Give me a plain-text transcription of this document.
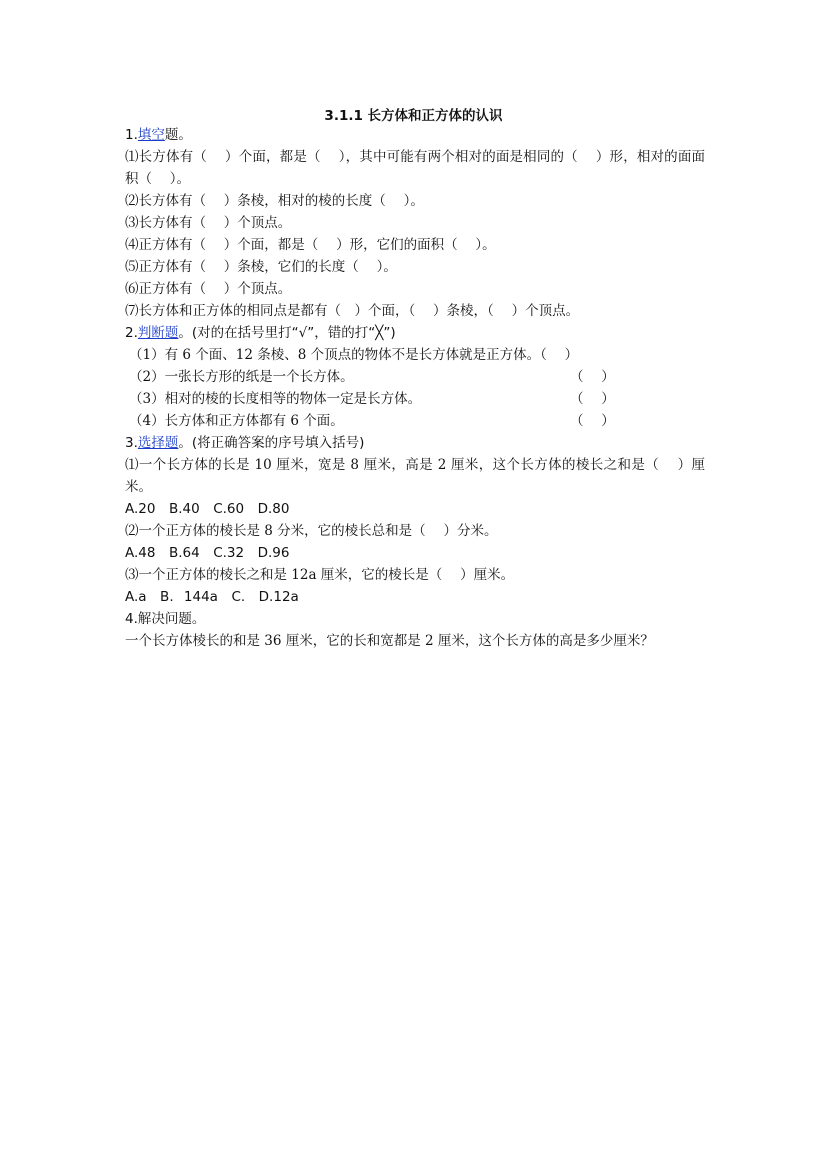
3.1.1 长方体和正方体的认识
1.填空题。
⑴长方体有（　 ）个面，都是（　 ），其中可能有两个相对的面是相同的（　 ）形，相对的面面积（　 ）。
⑵长方体有（　 ）条棱，相对的棱的长度（　 ）。
⑶长方体有（　 ）个顶点。
⑷正方体有（　 ）个面，都是（　 ）形，它们的面积（　 ）。
⑸正方体有（　 ）条棱，它们的长度（　 ）。
⑹正方体有（　 ）个顶点。
⑺长方体和正方体的相同点是都有（　）个面，（　 ）条棱，（　 ）个顶点。
2.判断题。(对的在括号里打“√”，错的打“╳”)
（1）有 6 个面、12 条棱、8 个顶点的物体不是长方体就是正方体。（　 ）
（2）一张长方形的纸是一个长方体。	（　 ）
（3）相对的棱的长度相等的物体一定是长方体。	（　 ）
（4）长方体和正方体都有 6 个面。	（　 ）
3.选择题。(将正确答案的序号填入括号)
⑴一个长方体的长是 10 厘米，宽是 8 厘米，高是 2 厘米，这个长方体的棱长之和是（　 ）厘米。
A.20　B.40　C.60　D.80
⑵一个正方体的棱长是 8 分米，它的棱长总和是（　 ）分米。
A.48　B.64　C.32　D.96
⑶一个正方体的棱长之和是 12a 厘米，它的棱长是（　 ）厘米。
A.a　B. 144a　C.　D.12a
4.解决问题。
一个长方体棱长的和是 36 厘米，它的长和宽都是 2 厘米，这个长方体的高是多少厘米？
